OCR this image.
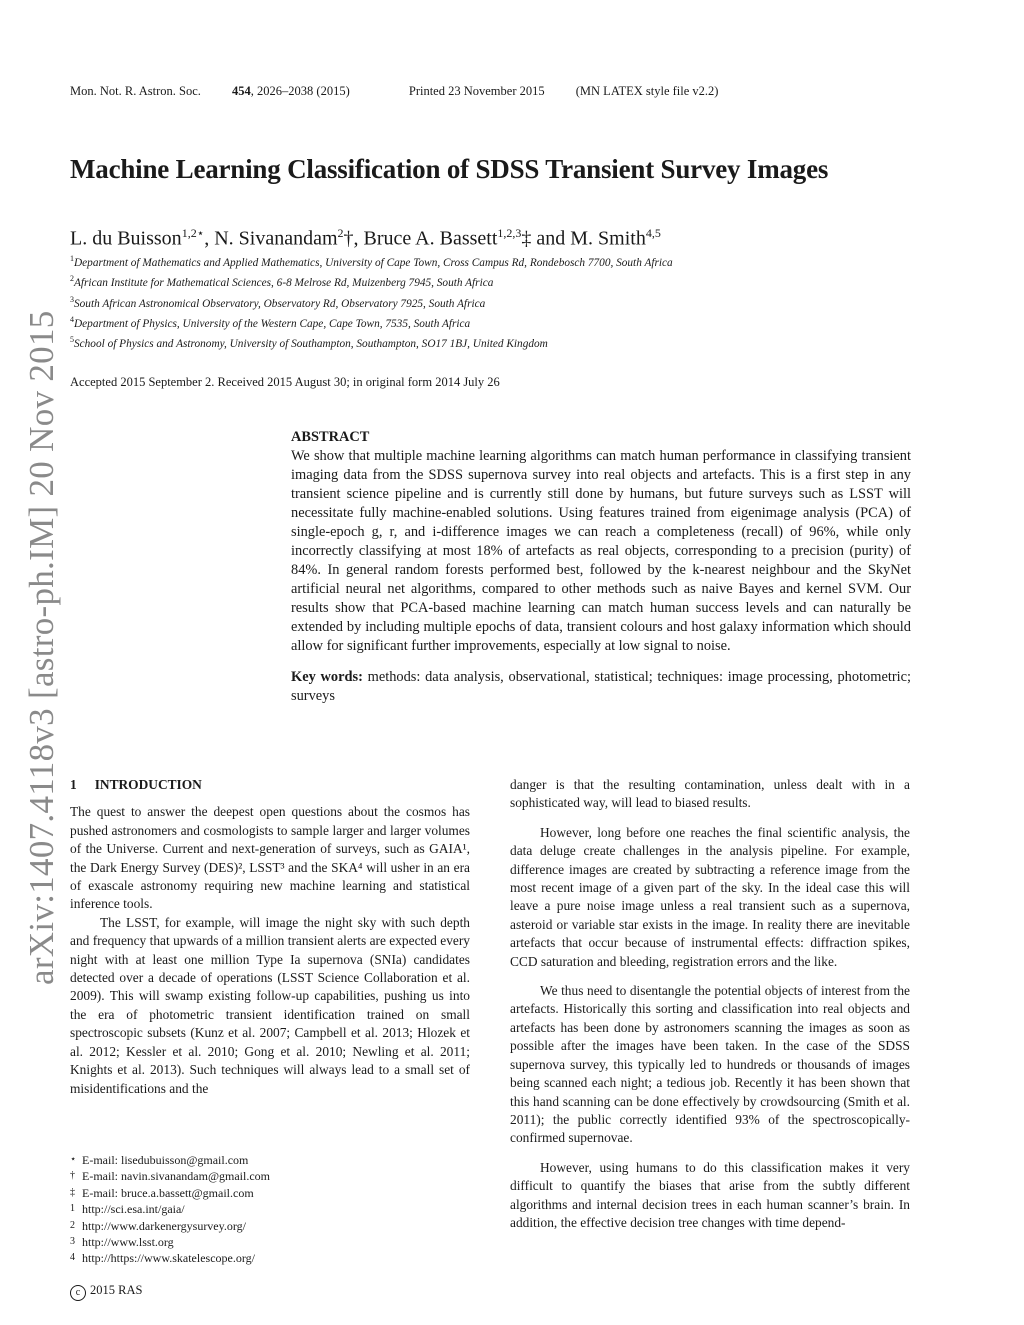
Mon. Not. R. Astron. Soc. 454, 2026–2038 (2015)	Printed 23 November 2015 (MN LATEX style file v2.2)
Machine Learning Classification of SDSS Transient Survey Images
L. du Buisson$^{1,2⋆}$, N. Sivanandam$^2$†, Bruce A. Bassett$^{1,2,3}$‡ and M. Smith$^{4,5}$
$^1$Department of Mathematics and Applied Mathematics, University of Cape Town, Cross Campus Rd, Rondebosch 7700, South Africa
$^2$African Institute for Mathematical Sciences, 6-8 Melrose Rd, Muizenberg 7945, South Africa
$^3$South African Astronomical Observatory, Observatory Rd, Observatory 7925, South Africa
$^4$Department of Physics, University of the Western Cape, Cape Town, 7535, South Africa
$^5$School of Physics and Astronomy, University of Southampton, Southampton, SO17 1BJ, United Kingdom
Accepted 2015 September 2. Received 2015 August 30; in original form 2014 July 26
arXiv:1407.4118v3 [astro-ph.IM] 20 Nov 2015	ABSTRACT

We show that multiple machine learning algorithms can match human performance in classifying transient imaging data from the SDSS supernova survey into real objects and artefacts. This is a first step in any transient science pipeline and is currently still done by humans, but future surveys such as LSST will necessitate fully machine-enabled solutions. Using features trained from eigenimage analysis (PCA) of single-epoch g, r, and i-difference images we can reach a completeness (recall) of 96%, while only incorrectly classifying at most 18% of artefacts as real objects, corresponding to a precision (purity) of 84%. In general random forests performed best, followed by the k-nearest neighbour and the SkyNet artificial neural net algorithms, compared to other methods such as naive Bayes and kernel SVM. Our results show that PCA-based machine learning can match human success levels and can naturally be extended by including multiple epochs of data, transient colours and host galaxy information which should allow for significant further improvements, especially at low signal to noise.

Key words: methods: data analysis, observational, statistical; techniques: image processing, photometric; surveys

1 INTRODUCTION

The quest to answer the deepest open questions about the cosmos has pushed astronomers and cosmologists to sample larger and larger volumes of the Universe. Current and next-generation of surveys, such as GAIA¹, the Dark Energy Survey (DES)², LSST³ and the SKA⁴ will usher in an era of exascale astronomy requiring new machine learning and statistical inference tools.

The LSST, for example, will image the night sky with such depth and frequency that upwards of a million transient alerts are expected every night with at least one million Type Ia supernova (SNIa) candidates detected over a decade of operations (LSST Science Collaboration et al. 2009). This will swamp existing follow-up capabilities, pushing us into the era of photometric transient identification trained on small spectroscopic subsets (Kunz et al. 2007; Campbell et al. 2013; Hlozek et al. 2012; Kessler et al. 2010; Gong et al. 2010; Newling et al. 2011; Knights et al. 2013). Such techniques will always lead to a small set of misidentifications and the

danger is that the resulting contamination, unless dealt with in a sophisticated way, will lead to biased results.

However, long before one reaches the final scientific analysis, the data deluge create challenges in the analysis pipeline. For example, difference images are created by subtracting a reference image from the most recent image of a given part of the sky. In the ideal case this will leave a pure noise image unless a real transient such as a supernova, asteroid or variable star exists in the image. In reality there are inevitable artefacts that occur because of instrumental effects: diffraction spikes, CCD saturation and bleeding, registration errors and the like.

We thus need to disentangle the potential objects of interest from the artefacts. Historically this sorting and classification into real objects and artefacts has been done by astronomers scanning the images as soon as possible after the images have been taken. In the case of the SDSS supernova survey, this typically led to hundreds or thousands of images being scanned each night; a tedious job. Recently it has been shown that this hand scanning can be done effectively by crowdsourcing (Smith et al. 2011); the public correctly identified 93% of the spectroscopically-confirmed supernovae.

However, using humans to do this classification makes it very difficult to quantify the biases that arise from the subtly different algorithms and internal decision trees in each human scanner’s brain. In addition, the effective decision tree changes with time depend-

⋆ E-mail: lisedubuisson@gmail.com
† E-mail: navin.sivanandam@gmail.com
‡ E-mail: bruce.a.bassett@gmail.com
1 http://sci.esa.int/gaia/
2 http://www.darkenergysurvey.org/
3 http://www.lsst.org
4 http://https://www.skatelescope.org/
c 2015 RAS
